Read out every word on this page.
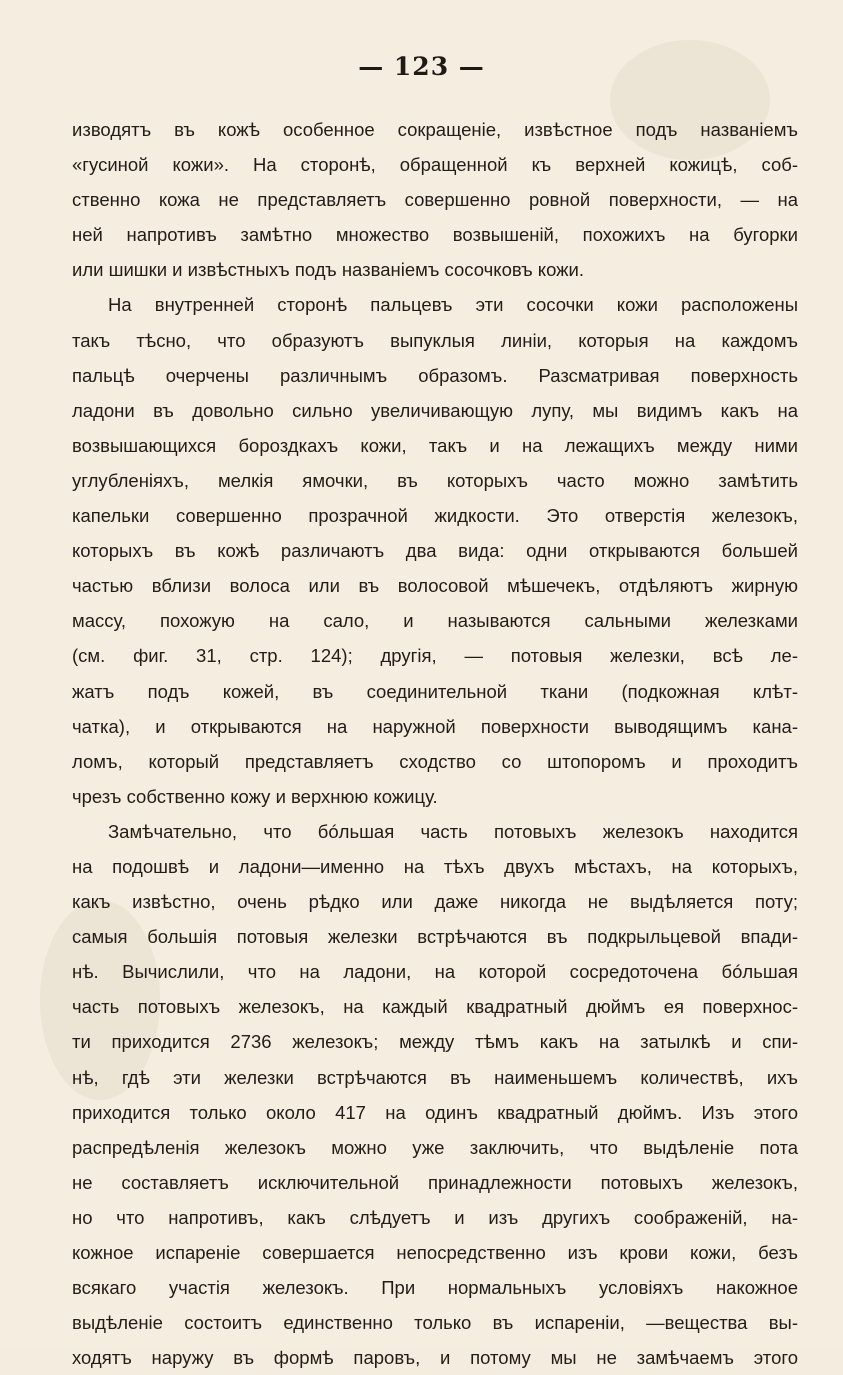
— 123 —
изводятъ въ кожѣ особенное сокращенiе, извѣстное подъ названiемъ
«гусиной кожи». На сторонѣ, обращенной къ верхней кожицѣ, соб-
ственно кожа не представляетъ совершенно ровной поверхности, — на
ней напротивъ замѣтно множество возвышенiй, похожихъ на бугорки
или шишки и извѣстныхъ подъ названiемъ сосочковъ кожи.
На внутренней сторонѣ пальцевъ эти сосочки кожи расположены
такъ тѣсно, что образуютъ выпуклыя линiи, которыя на каждомъ
пальцѣ очерчены различнымъ образомъ. Разсматривая поверхность
ладони въ довольно сильно увеличивающую лупу, мы видимъ какъ на
возвышающихся бороздкахъ кожи, такъ и на лежащихъ между ними
углубленiяхъ, мелкiя ямочки, въ которыхъ часто можно замѣтить
капельки совершенно прозрачной жидкости. Это отверстiя железокъ,
которыхъ въ кожѣ различаютъ два вида: одни открываются большей
частью вблизи волоса или въ волосовой мѣшечекъ, отдѣляютъ жирную
массу, похожую на сало, и называются сальными железками
(см. фиг. 31, стр. 124); другiя, — потовыя железки, всѣ ле-
жатъ подъ кожей, въ соединительной ткани (подкожная клѣт-
чатка), и открываются на наружной поверхности выводящимъ кана-
ломъ, который представляетъ сходство со штопоромъ и проходитъ
чрезъ собственно кожу и верхнюю кожицу.
Замѣчательно, что бóльшая часть потовыхъ железокъ находится
на подошвѣ и ладони—именно на тѣхъ двухъ мѣстахъ, на которыхъ,
какъ извѣстно, очень рѣдко или даже никогда не выдѣляется поту;
самыя большiя потовыя железки встрѣчаются въ подкрыльцевой впади-
нѣ. Вычислили, что на ладони, на которой сосредоточена бóльшая
часть потовыхъ железокъ, на каждый квадратный дюймъ ея поверхнос-
ти приходится 2736 железокъ; между тѣмъ какъ на затылкѣ и спи-
нѣ, гдѣ эти железки встрѣчаются въ наименьшемъ количествѣ, ихъ
приходится только около 417 на одинъ квадратный дюймъ. Изъ этого
распредѣленiя железокъ можно уже заключить, что выдѣленiе пота
не составляетъ исключительной принадлежности потовыхъ железокъ,
но что напротивъ, какъ слѣдуетъ и изъ другихъ соображенiй, на-
кожное испаренiе совершается непосредственно изъ крови кожи, безъ
всякаго участiя железокъ. При нормальныхъ условiяхъ накожное
выдѣленiе состоитъ единственно только въ испаренiи, —вещества вы-
ходятъ наружу въ формѣ паровъ, и потому мы не замѣчаемъ этого
